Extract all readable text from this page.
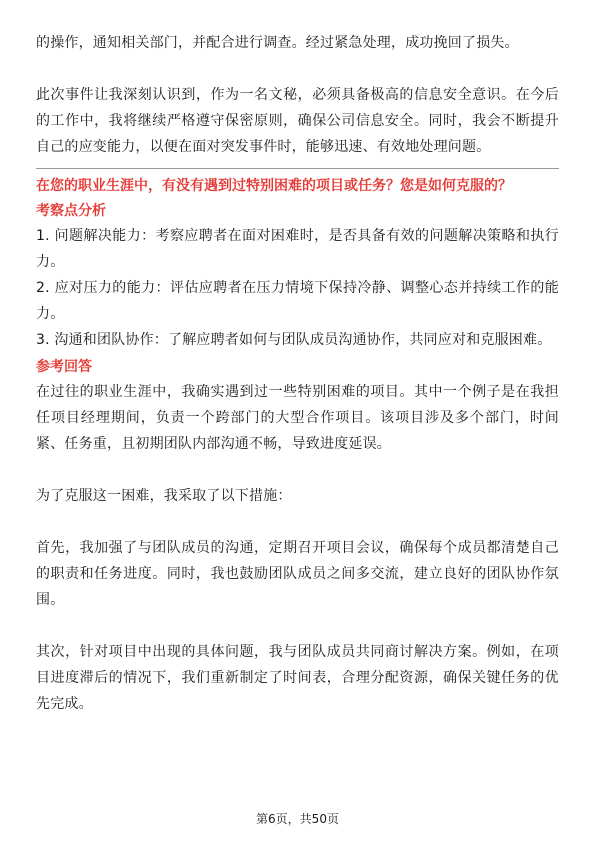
的操作，通知相关部门，并配合进行调查。经过紧急处理，成功挽回了损失。

此次事件让我深刻认识到，作为一名文秘，必须具备极高的信息安全意识。在今后的工作中，我将继续严格遵守保密原则，确保公司信息安全。同时，我会不断提升自己的应变能力，以便在面对突发事件时，能够迅速、有效地处理问题。

在您的职业生涯中，有没有遇到过特别困难的项目或任务？您是如何克服的？

考察点分析

1. 问题解决能力：考察应聘者在面对困难时，是否具备有效的问题解决策略和执行力。

2. 应对压力的能力：评估应聘者在压力情境下保持冷静、调整心态并持续工作的能力。

3. 沟通和团队协作：了解应聘者如何与团队成员沟通协作，共同应对和克服困难。

参考回答

在过往的职业生涯中，我确实遇到过一些特别困难的项目。其中一个例子是在我担任项目经理期间，负责一个跨部门的大型合作项目。该项目涉及多个部门，时间紧、任务重，且初期团队内部沟通不畅，导致进度延误。

为了克服这一困难，我采取了以下措施：

首先，我加强了与团队成员的沟通，定期召开项目会议，确保每个成员都清楚自己的职责和任务进度。同时，我也鼓励团队成员之间多交流，建立良好的团队协作氛围。

其次，针对项目中出现的具体问题，我与团队成员共同商讨解决方案。例如，在项目进度滞后的情况下，我们重新制定了时间表，合理分配资源，确保关键任务的优先完成。

第6页，共50页
